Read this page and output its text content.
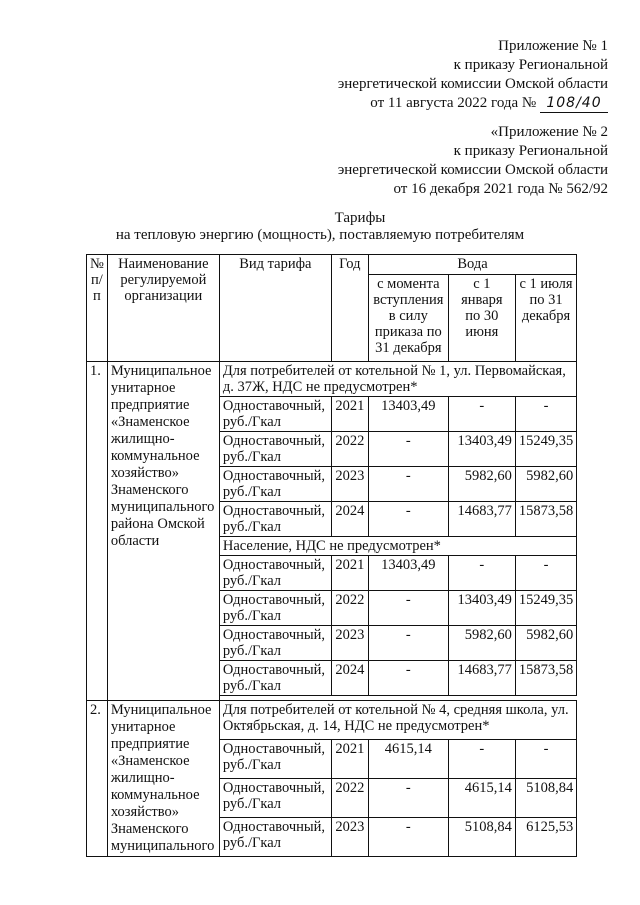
Приложение № 1
к приказу Региональной
энергетической комиссии Омской области
от 11 августа 2022 года № 108/40
«Приложение № 2
к приказу Региональной
энергетической комиссии Омской области
от 16 декабря 2021 года № 562/92
Тарифы
на тепловую энергию (мощность), поставляемую потребителям
№ п/ п	Наименование регулируемой организации	Вид тарифа	Год	Вода		
				с момента вступления в силу приказа по 31 декабря	с 1 января по 30 июня	с 1 июля по 31 декабря
1.	Муниципальное унитарное предприятие «Знаменское жилищно-коммунальное хозяйство» Знаменского муниципального района Омской области	Для потребителей от котельной № 1, ул. Первомайская, д. 37Ж, НДС не предусмотрен*				
		Одноставочный, руб./Гкал	2021	13403,49	-	-
		Одноставочный, руб./Гкал	2022	-	13403,49	15249,35
		Одноставочный, руб./Гкал	2023	-	5982,60	5982,60
		Одноставочный, руб./Гкал	2024	-	14683,77	15873,58
		Население, НДС не предусмотрен*				
		Одноставочный, руб./Гкал	2021	13403,49	-	-
		Одноставочный, руб./Гкал	2022	-	13403,49	15249,35
		Одноставочный, руб./Гкал	2023	-	5982,60	5982,60
		Одноставочный, руб./Гкал	2024	-	14683,77	15873,58

2.	Муниципальное унитарное предприятие «Знаменское жилищно-коммунальное хозяйство» Знаменского муниципального	Для потребителей от котельной № 4, средняя школа, ул. Октябрьская, д. 14, НДС не предусмотрен*				
		Одноставочный, руб./Гкал	2021	4615,14	-	-
		Одноставочный, руб./Гкал	2022	-	4615,14	5108,84
		Одноставочный, руб./Гкал	2023	-	5108,84	6125,53
